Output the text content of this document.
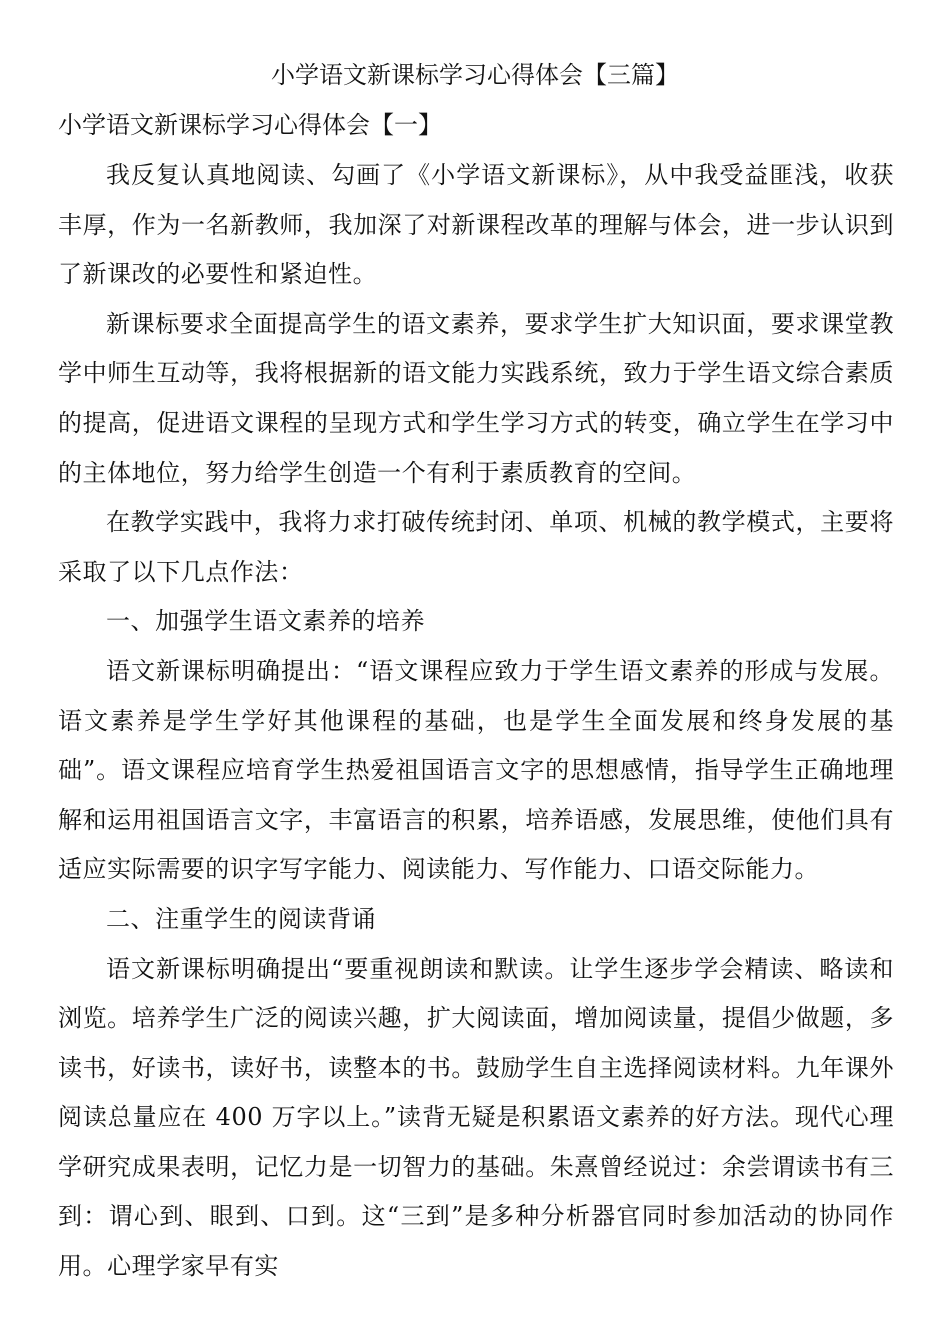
小学语文新课标学习心得体会【三篇】
小学语文新课标学习心得体会【一】

我反复认真地阅读、勾画了《小学语文新课标》，从中我受益匪浅，收获丰厚，作为一名新教师，我加深了对新课程改革的理解与体会，进一步认识到了新课改的必要性和紧迫性。

新课标要求全面提高学生的语文素养，要求学生扩大知识面，要求课堂教学中师生互动等，我将根据新的语文能力实践系统，致力于学生语文综合素质的提高，促进语文课程的呈现方式和学生学习方式的转变，确立学生在学习中的主体地位，努力给学生创造一个有利于素质教育的空间。

在教学实践中，我将力求打破传统封闭、单项、机械的教学模式，主要将采取了以下几点作法：

一、加强学生语文素养的培养

语文新课标明确提出：“语文课程应致力于学生语文素养的形成与发展。语文素养是学生学好其他课程的基础，也是学生全面发展和终身发展的基础”。语文课程应培育学生热爱祖国语言文字的思想感情，指导学生正确地理解和运用祖国语言文字，丰富语言的积累，培养语感，发展思维，使他们具有适应实际需要的识字写字能力、阅读能力、写作能力、口语交际能力。

二、注重学生的阅读背诵

语文新课标明确提出“要重视朗读和默读。让学生逐步学会精读、略读和浏览。培养学生广泛的阅读兴趣，扩大阅读面，增加阅读量，提倡少做题，多读书，好读书，读好书，读整本的书。鼓励学生自主选择阅读材料。九年课外阅读总量应在 400 万字以上。”读背无疑是积累语文素养的好方法。现代心理学研究成果表明，记忆力是一切智力的基础。朱熹曾经说过：余尝谓读书有三到：谓心到、眼到、口到。这“三到”是多种分析器官同时参加活动的协同作用。心理学家早有实
